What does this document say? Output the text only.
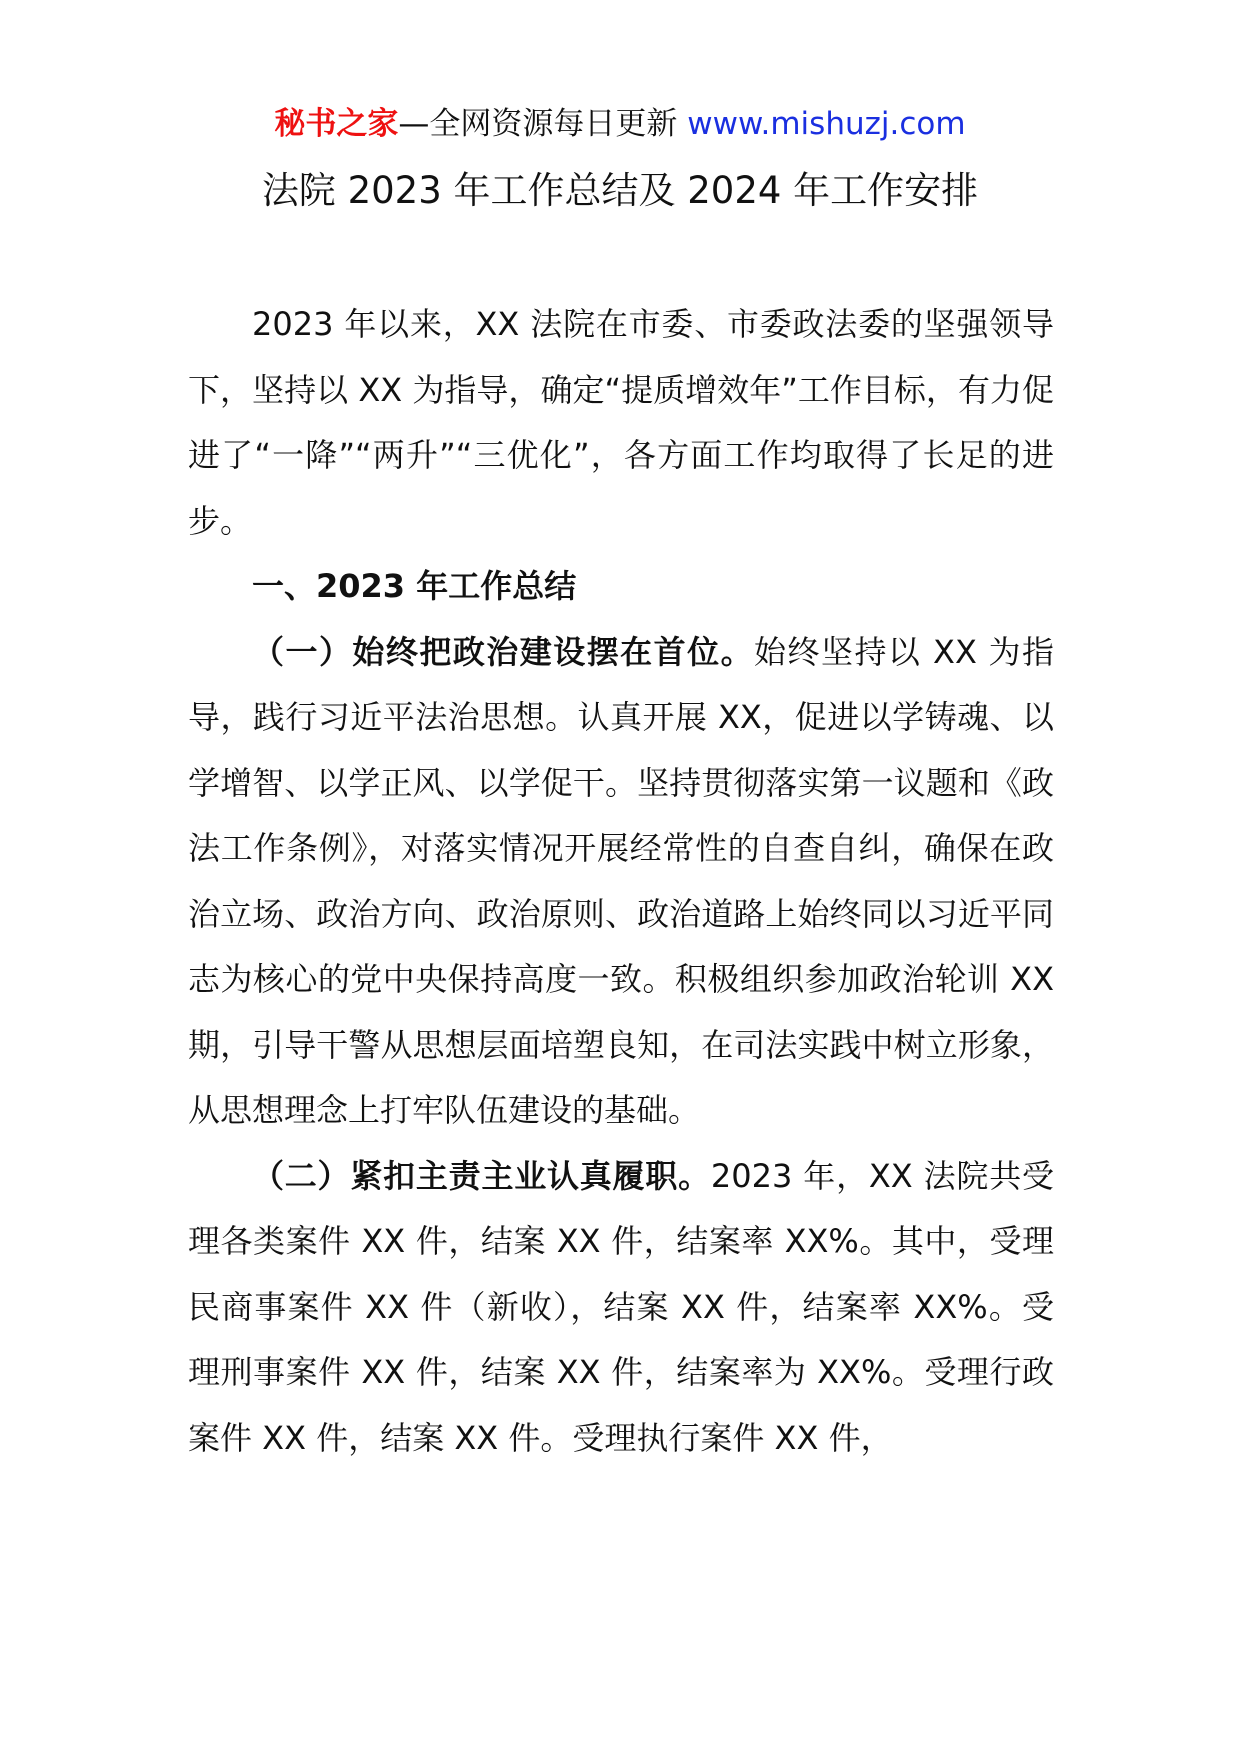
秘书之家—全网资源每日更新 www.mishuzj.com
法院 2023 年工作总结及 2024 年工作安排

2023 年以来，XX 法院在市委、市委政法委的坚强领导下，坚持以 XX 为指导，确定“提质增效年”工作目标，有力促进了“一降”“两升”“三优化”，各方面工作均取得了长足的进步。

一、2023 年工作总结

（一）始终把政治建设摆在首位。始终坚持以 XX 为指导，践行习近平法治思想。认真开展 XX，促进以学铸魂、以学增智、以学正风、以学促干。坚持贯彻落实第一议题和《政法工作条例》，对落实情况开展经常性的自查自纠，确保在政治立场、政治方向、政治原则、政治道路上始终同以习近平同志为核心的党中央保持高度一致。积极组织参加政治轮训 XX 期，引导干警从思想层面培塑良知，在司法实践中树立形象，从思想理念上打牢队伍建设的基础。

（二）紧扣主责主业认真履职。2023 年，XX 法院共受理各类案件 XX 件，结案 XX 件，结案率 XX%。其中，受理民商事案件 XX 件（新收），结案 XX 件，结案率 XX%。受理刑事案件 XX 件，结案 XX 件，结案率为 XX%。受理行政案件 XX 件，结案 XX 件。受理执行案件 XX 件，
